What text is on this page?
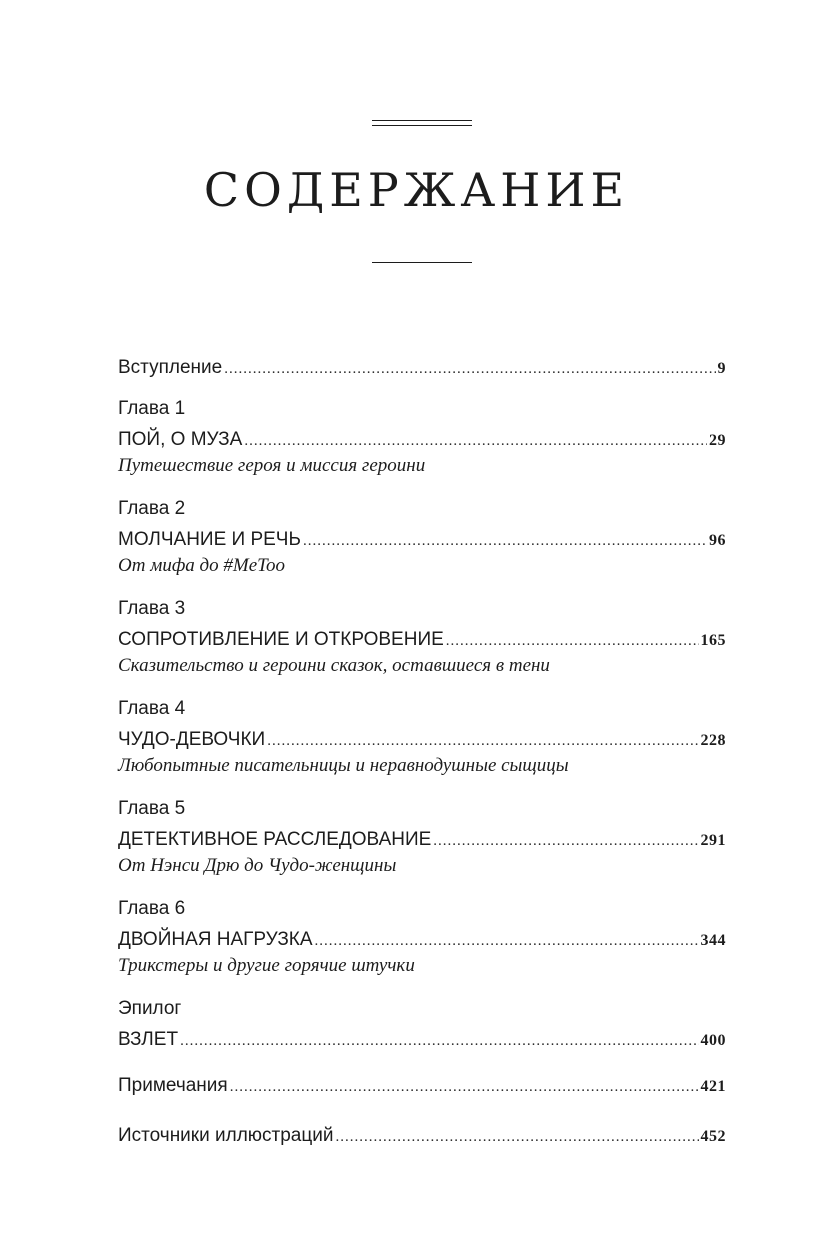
СОДЕРЖАНИЕ
Вступление .....	9
Глава 1
ПОЙ, О МУЗА .....	29
Путешествие героя и миссия героини
Глава 2
МОЛЧАНИЕ И РЕЧЬ .....	96
От мифа до #MeToo
Глава 3
СОПРОТИВЛЕНИЕ И ОТКРОВЕНИЕ .....	165
Сказительство и героини сказок, оставшиеся в тени
Глава 4
ЧУДО-ДЕВОЧКИ .....	228
Любопытные писательницы и неравнодушные сыщицы
Глава 5
ДЕТЕКТИВНОЕ РАССЛЕДОВАНИЕ .....	291
От Нэнси Дрю до Чудо-женщины
Глава 6
ДВОЙНАЯ НАГРУЗКА .....	344
Трикстеры и другие горячие штучки
Эпилог
ВЗЛЕТ .....	400
Примечания .....	421
Источники иллюстраций .....	452
